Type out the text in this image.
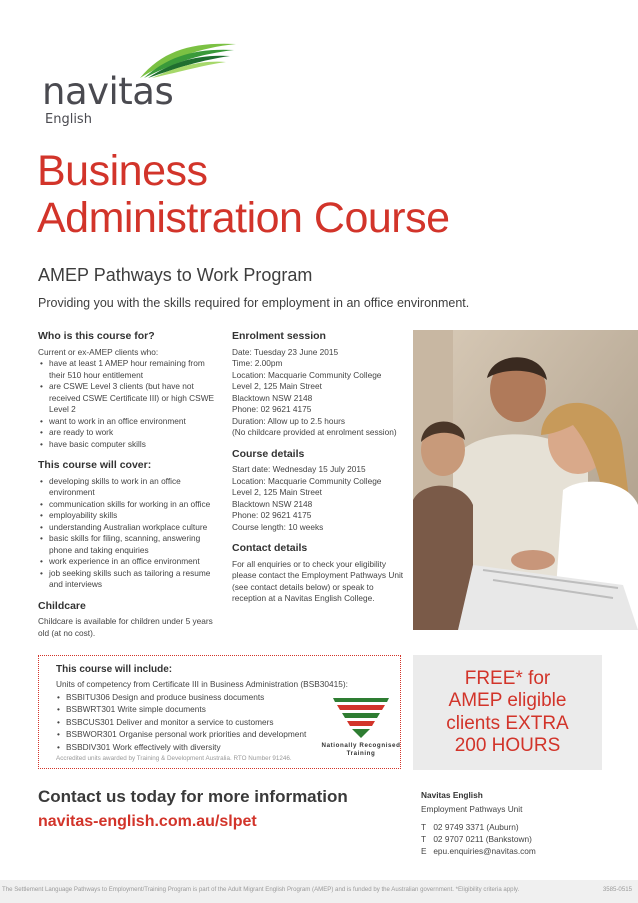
navitas
English
Business
Administration Course
AMEP Pathways to Work Program
Providing you with the skills required for employment in an office environment.
Who is this course for?
Current or ex-AMEP clients who:
• have at least 1 AMEP hour remaining from their 510 hour entitlement
• are CSWE Level 3 clients (but have not received CSWE Certificate III) or high CSWE Level 2
• want to work in an office environment
• are ready to work
• have basic computer skills
This course will cover:
• developing skills to work in an office environment
• communication skills for working in an office
• employability skills
• understanding Australian workplace culture
• basic skills for filing, scanning, answering phone and taking enquiries
• work experience in an office environment
• job seeking skills such as tailoring a resume and interviews
Childcare
Childcare is available for children under 5 years old (at no cost).
Enrolment session
Date: Tuesday 23 June 2015
Time: 2.00pm
Location: Macquarie Community College
Level 2, 125 Main Street
Blacktown NSW 2148
Phone: 02 9621 4175
Duration: Allow up to 2.5 hours
(No childcare provided at enrolment session)
Course details
Start date: Wednesday 15 July 2015
Location: Macquarie Community College
Level 2, 125 Main Street
Blacktown NSW 2148
Phone: 02 9621 4175
Course length: 10 weeks
Contact details
For all enquiries or to check your eligibility please contact the Employment Pathways Unit (see contact details below) or speak to reception at a Navitas English College.
This course will include:
Units of competency from Certificate III in Business Administration (BSB30415):
• BSBITU306 Design and produce business documents
• BSBWRT301 Write simple documents
• BSBCUS301 Deliver and monitor a service to customers
• BSBWOR301 Organise personal work priorities and development
• BSBDIV301 Work effectively with diversity
Accredited units awarded by Training & Development Australia. RTO Number 91246.
Nationally Recognised
Training
FREE* for
AMEP eligible
clients EXTRA
200 HOURS
Contact us today for more information
navitas-english.com.au/slpet
Navitas English
Employment Pathways Unit
T 02 9749 3371 (Auburn)
T 02 9707 0211 (Bankstown)
E epu.enquiries@navitas.com
The Settlement Language Pathways to Employment/Training Program is part of the Adult Migrant English Program (AMEP) and is funded by the Australian government. *Eligibility criteria apply.	3585-0515
